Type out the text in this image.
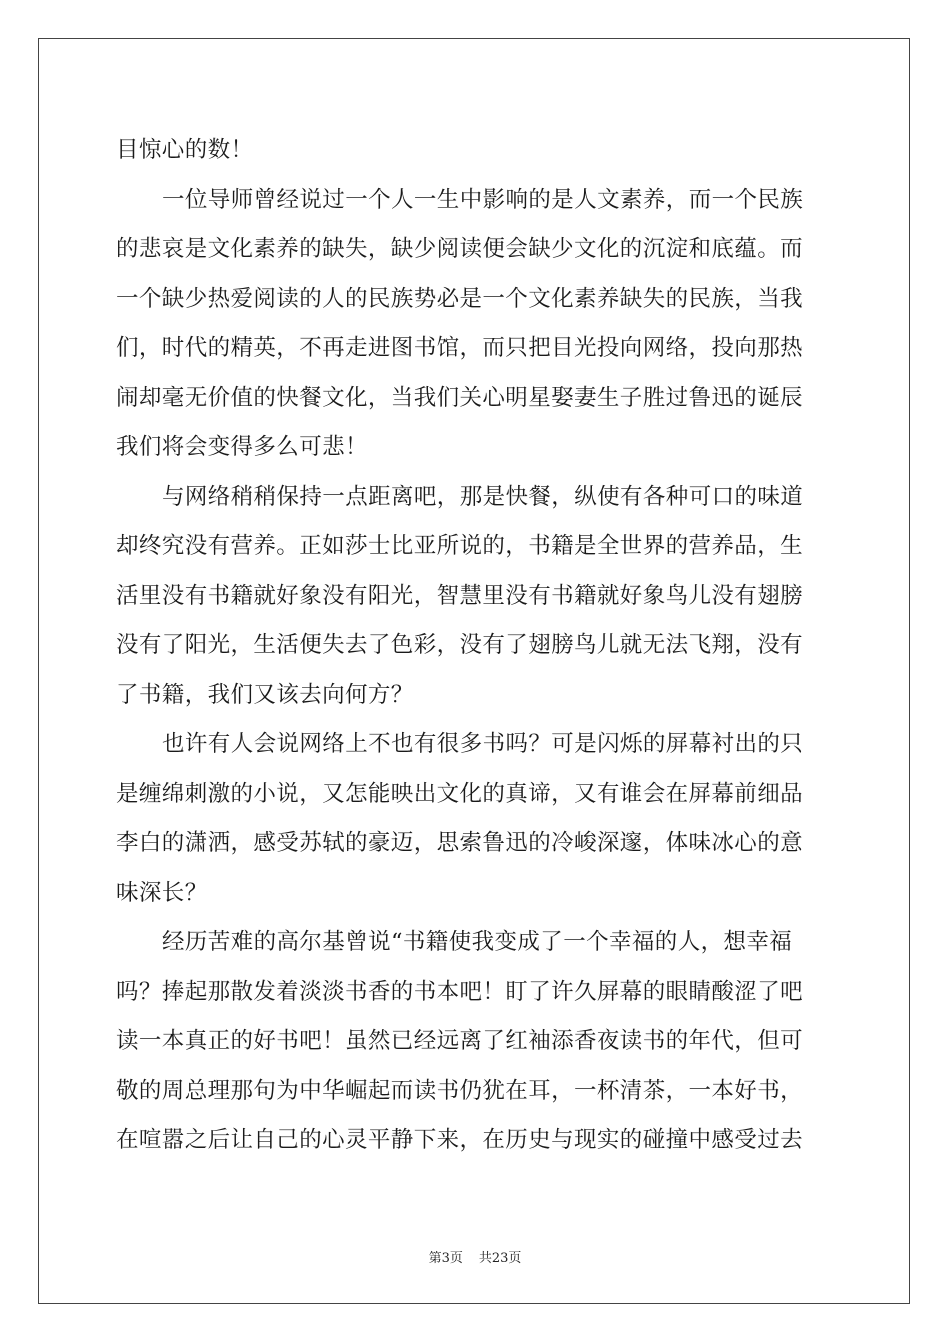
目惊心的数！
一位导师曾经说过一个人一生中影响的是人文素养，而一个民族
的悲哀是文化素养的缺失，缺少阅读便会缺少文化的沉淀和底蕴。而
一个缺少热爱阅读的人的民族势必是一个文化素养缺失的民族，当我
们，时代的精英，不再走进图书馆，而只把目光投向网络，投向那热
闹却毫无价值的快餐文化，当我们关心明星娶妻生子胜过鲁迅的诞辰
我们将会变得多么可悲！
与网络稍稍保持一点距离吧，那是快餐，纵使有各种可口的味道
却终究没有营养。正如莎士比亚所说的，书籍是全世界的营养品，生
活里没有书籍就好象没有阳光，智慧里没有书籍就好象鸟儿没有翅膀
没有了阳光，生活便失去了色彩，没有了翅膀鸟儿就无法飞翔，没有
了书籍，我们又该去向何方？
也许有人会说网络上不也有很多书吗？可是闪烁的屏幕衬出的只
是缠绵刺激的小说，又怎能映出文化的真谛，又有谁会在屏幕前细品
李白的潇洒，感受苏轼的豪迈，思索鲁迅的冷峻深邃，体味冰心的意
味深长？
经历苦难的高尔基曾说“书籍使我变成了一个幸福的人，想幸福
吗？捧起那散发着淡淡书香的书本吧！盯了许久屏幕的眼睛酸涩了吧
读一本真正的好书吧！虽然已经远离了红袖添香夜读书的年代，但可
敬的周总理那句为中华崛起而读书仍犹在耳，一杯清茶，一本好书，
在喧嚣之后让自己的心灵平静下来，在历史与现实的碰撞中感受过去
第3页 共23页
